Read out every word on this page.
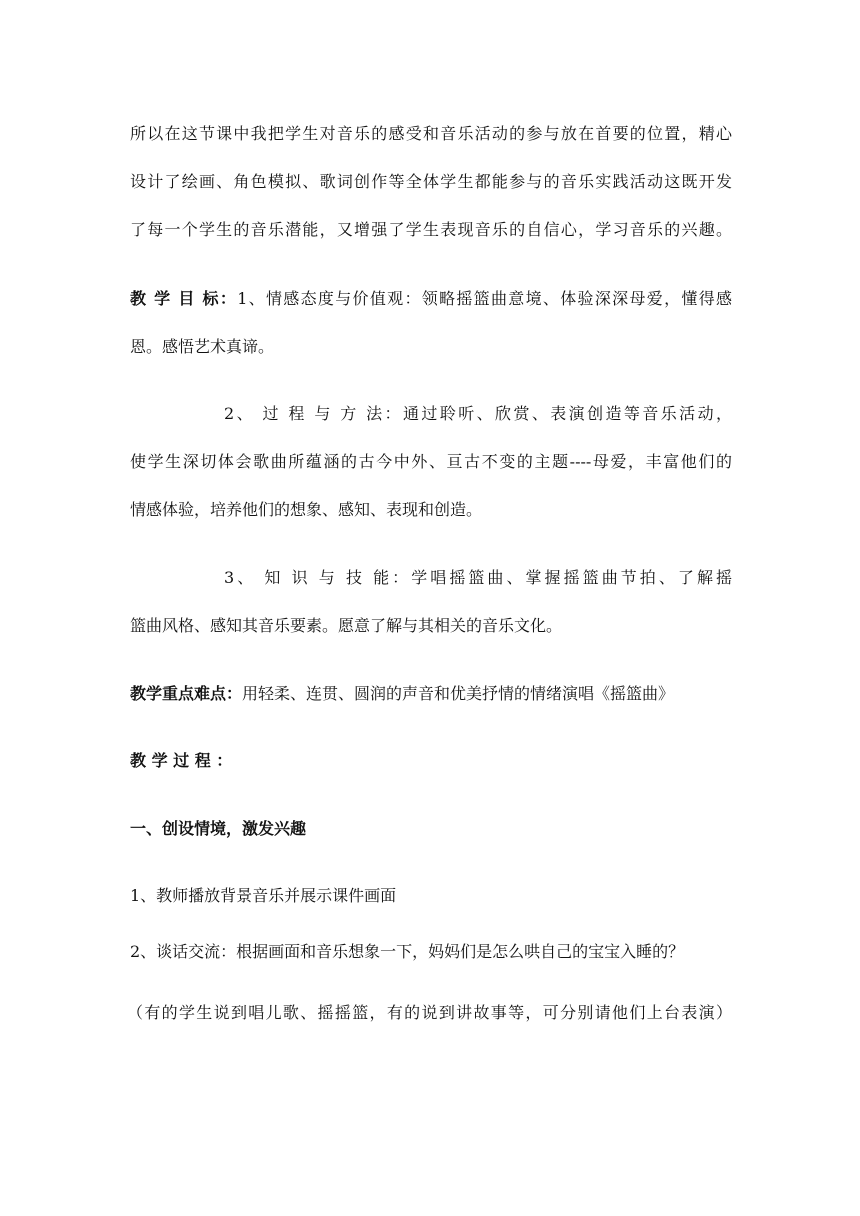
所以在这节课中我把学生对音乐的感受和音乐活动的参与放在首要的位置，精心
设计了绘画、角色模拟、歌词创作等全体学生都能参与的音乐实践活动这既开发
了每一个学生的音乐潜能，又增强了学生表现音乐的自信心，学习音乐的兴趣。
教 学 目 标：1、情感态度与价值观：领略摇篮曲意境、体验深深母爱，懂得感
恩。感悟艺术真谛。
2、 过 程 与 方 法：通过聆听、欣赏、表演创造等音乐活动，
使学生深切体会歌曲所蕴涵的古今中外、亘古不变的主题----母爱，丰富他们的
情感体验，培养他们的想象、感知、表现和创造。
3、 知 识 与 技 能：学唱摇篮曲、掌握摇篮曲节拍、了解摇
篮曲风格、感知其音乐要素。愿意了解与其相关的音乐文化。
教学重点难点：用轻柔、连贯、圆润的声音和优美抒情的情绪演唱《摇篮曲》
教 学 过 程 ：
一、创设情境，激发兴趣
1、教师播放背景音乐并展示课件画面
2、谈话交流：根据画面和音乐想象一下，妈妈们是怎么哄自己的宝宝入睡的？
（有的学生说到唱儿歌、摇摇篮，有的说到讲故事等，可分别请他们上台表演）
